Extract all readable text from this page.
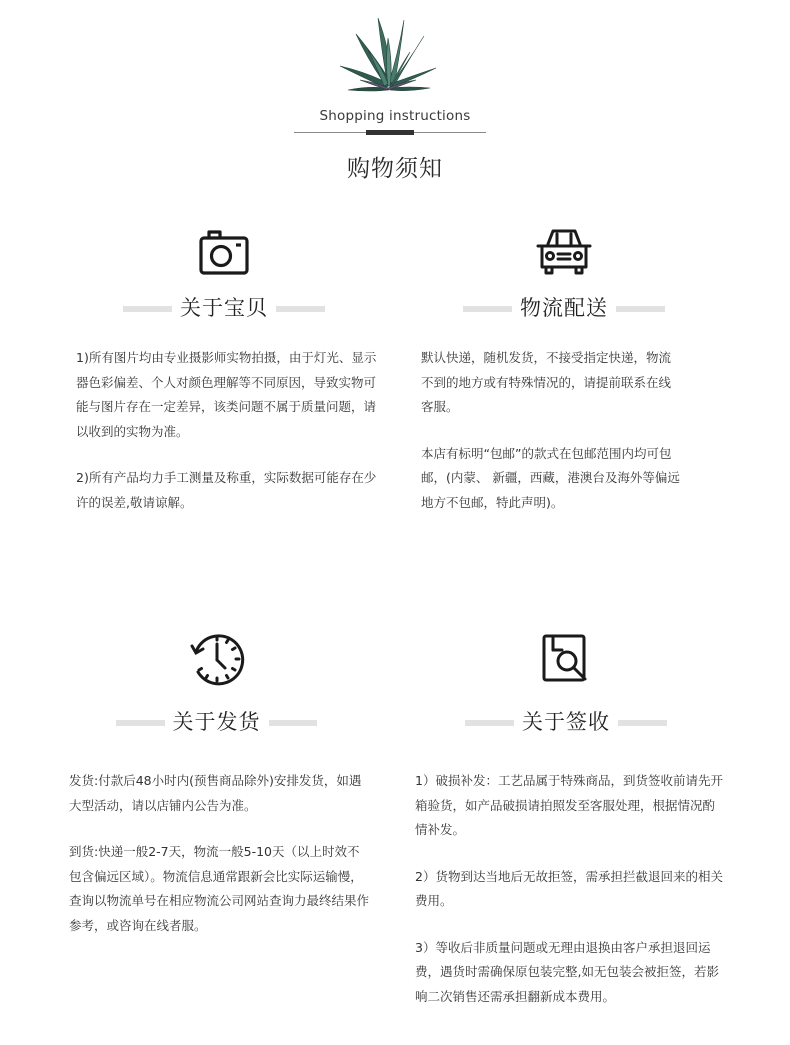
Shopping instructions
购物须知
关于宝贝

1)所有图片均由专业摄影师实物拍摄，由于灯光、显示器色彩偏差、个人对颜色理解等不同原因，导致实物可能与图片存在一定差异，该类问题不属于质量问题，请以收到的实物为准。

2)所有产品均力手工测量及称重，实际数据可能存在少许的误差,敬请谅解。

物流配送

默认快递，随机发货，不接受指定快递，物流不到的地方或有特殊情况的，请提前联系在线客服。

本店有标明“包邮”的款式在包邮范围内均可包邮，(内蒙、 新疆，西藏，港澳台及海外等偏远地方不包邮，特此声明)。

关于发货

发货:付款后48小时内(预售商品除外)安排发货，如遇大型活动，请以店铺内公告为准。

到货:快递一般2-7天，物流一般5-10天（以上时效不包含偏远区域）。物流信息通常跟新会比实际运输慢，查询以物流单号在相应物流公司网站查询力最终结果作参考，或咨询在线者服。

关于签收

1）破损补发：工艺品属于特殊商品，到货签收前请先开箱验货，如产品破损请拍照发至客服处理，根据情况酌情补发。

2）货物到达当地后无故拒签，需承担拦截退回来的相关费用。

3）等收后非质量问题或无理由退换由客户承担退回运费，遇货时需确保原包装完整,如无包装会被拒签，若影响二次销售还需承担翻新成本费用。
